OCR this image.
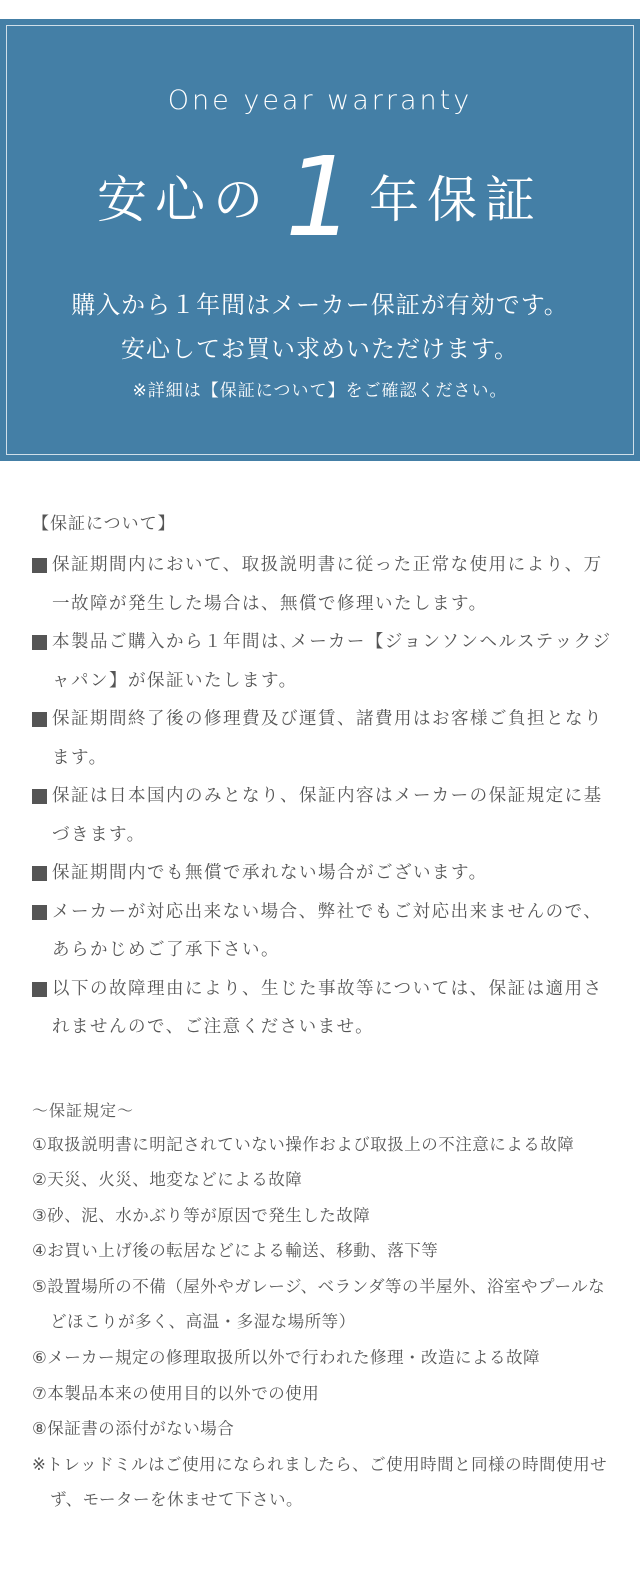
One year warranty
安心の 1 年保証
購入から１年間はメーカー保証が有効です。
安心してお買い求めいただけます。
※詳細は【保証について】をご確認ください。
【保証について】
保証期間内において、取扱説明書に従った正常な使用により、万一故障が発生した場合は、無償で修理いたします。
本製品ご購入から１年間は､メーカー【ジョンソンヘルステックジャパン】が保証いたします。
保証期間終了後の修理費及び運賃、諸費用はお客様ご負担となります。
保証は日本国内のみとなり、保証内容はメーカーの保証規定に基づきます。
保証期間内でも無償で承れない場合がございます。
メーカーが対応出来ない場合、弊社でもご対応出来ませんので、あらかじめご了承下さい。
以下の故障理由により、生じた事故等については、保証は適用されませんので、ご注意くださいませ。
～保証規定～
①取扱説明書に明記されていない操作および取扱上の不注意による故障
②天災、火災、地変などによる故障
③砂、泥、水かぶり等が原因で発生した故障
④お買い上げ後の転居などによる輸送、移動、落下等
⑤設置場所の不備（屋外やガレージ、ベランダ等の半屋外、浴室やプールなどほこりが多く、高温・多湿な場所等）
⑥メーカー規定の修理取扱所以外で行われた修理・改造による故障
⑦本製品本来の使用目的以外での使用
⑧保証書の添付がない場合
※トレッドミルはご使用になられましたら、ご使用時間と同様の時間使用せず、モーターを休ませて下さい。
